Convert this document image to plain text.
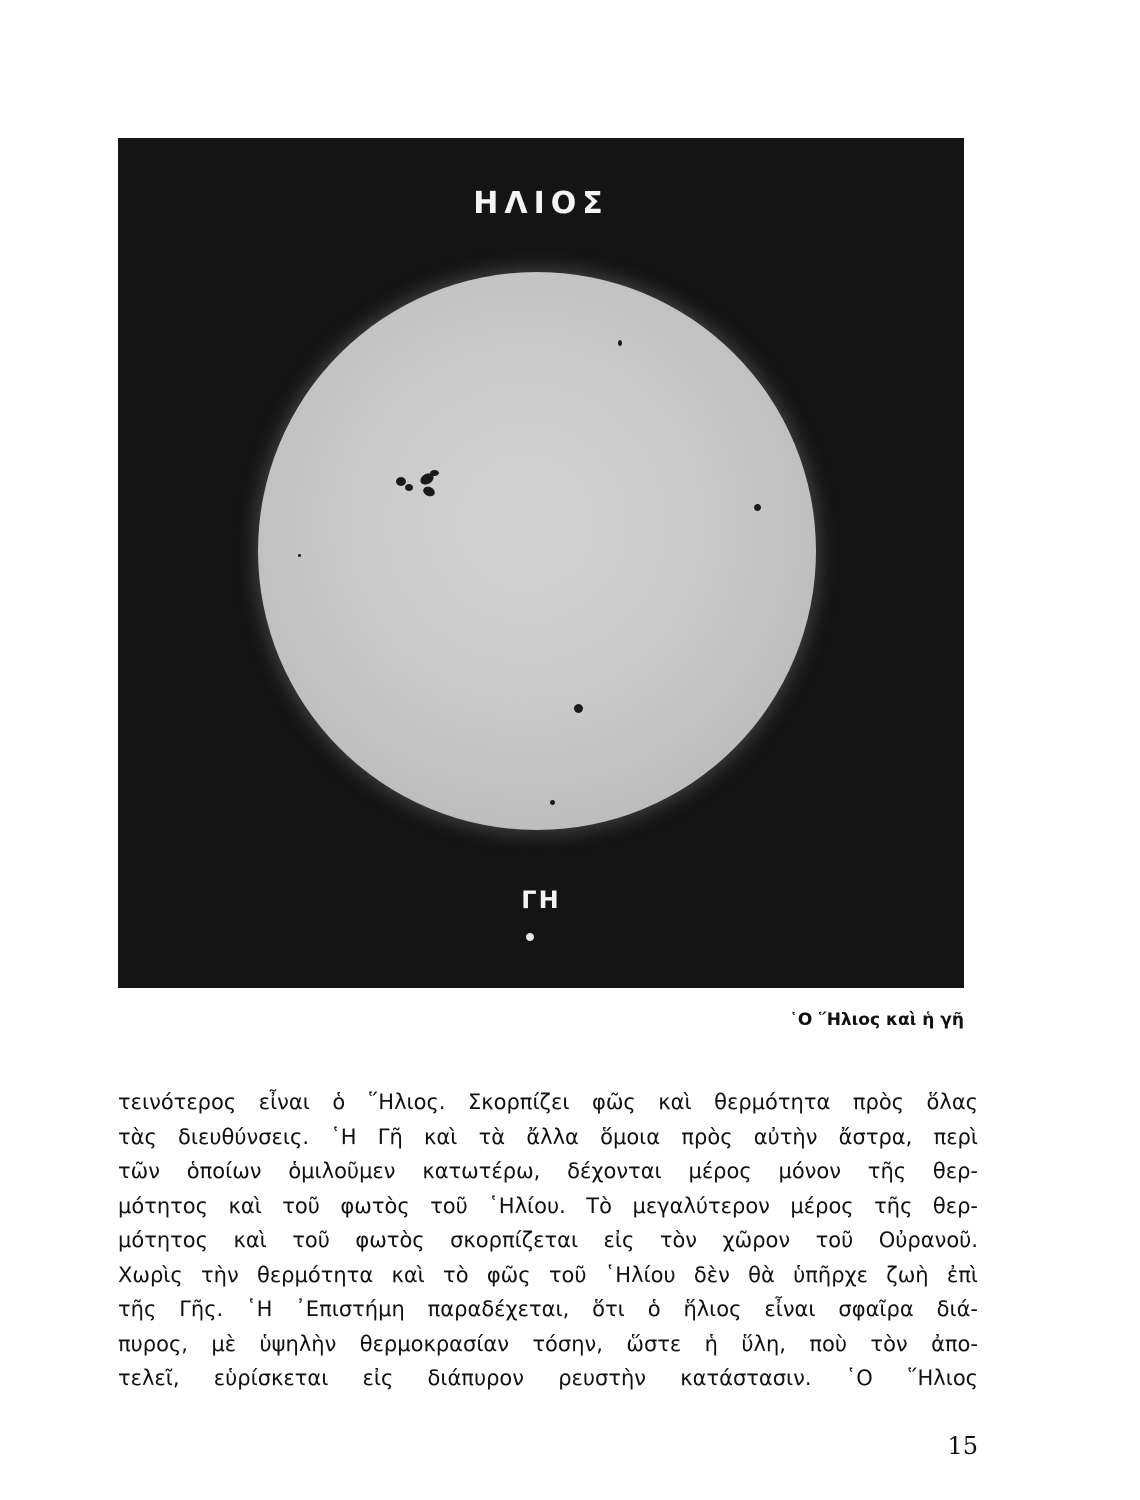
ΗΛΙΟΣ
ΓΗ
῾Ο ῞Ηλιος καὶ ἡ γῆ
τεινότερος εἶναι ὁ ῞Ηλιος. Σκορπίζει φῶς καὶ θερμότητα πρὸς ὅλας
τὰς διευθύνσεις. ῾Η Γῆ καὶ τὰ ἄλλα ὅμοια πρὸς αὐτὴν ἄστρα, περὶ
τῶν ὁποίων ὁμιλοῦμεν κατωτέρω, δέχονται μέρος μόνον τῆς θερ-
μότητος καὶ τοῦ φωτὸς τοῦ ῾Ηλίου. Τὸ μεγαλύτερον μέρος τῆς θερ-
μότητος καὶ τοῦ φωτὸς σκορπίζεται εἰς τὸν χῶρον τοῦ Οὐρανοῦ.
Χωρὶς τὴν θερμότητα καὶ τὸ φῶς τοῦ ῾Ηλίου δὲν θὰ ὑπῆρχε ζωὴ ἐπὶ
τῆς Γῆς. ῾Η ᾿Επιστήμη παραδέχεται, ὅτι ὁ ἥλιος εἶναι σφαῖρα διά-
πυρος, μὲ ὑψηλὴν θερμοκρασίαν τόσην, ὥστε ἡ ὕλη, ποὺ τὸν ἀπο-
τελεῖ, εὑρίσκεται εἰς διάπυρον ρευστὴν κατάστασιν. ῾Ο ῞Ηλιος
15
